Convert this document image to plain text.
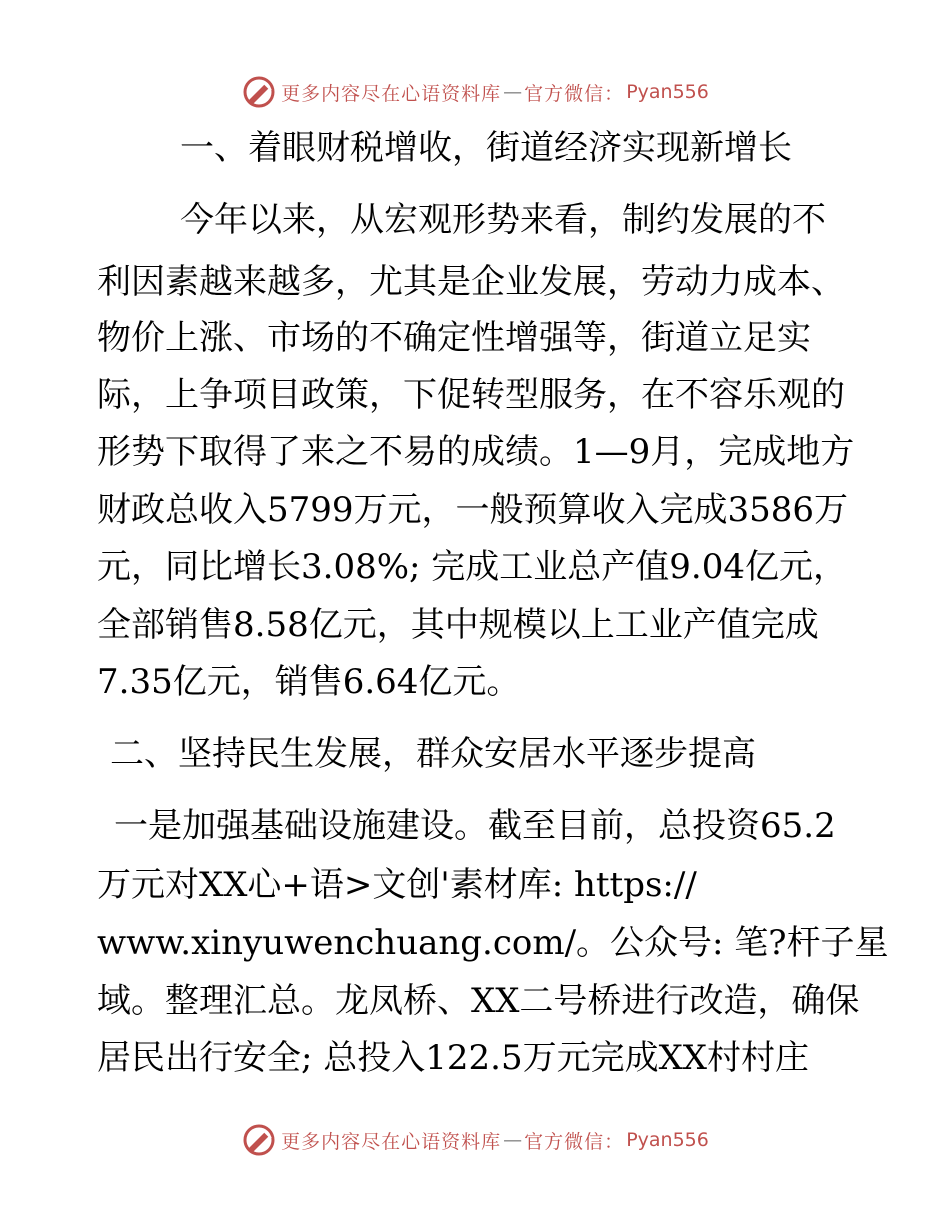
更多内容尽在心语资料库 — 官方微信： Pyan556
一、着眼财税增收，街道经济实现新增长
今年以来，从宏观形势来看，制约发展的不
利因素越来越多，尤其是企业发展，劳动力成本、
物价上涨、市场的不确定性增强等，街道立足实
际，上争项目政策，下促转型服务，在不容乐观的
形势下取得了来之不易的成绩。1—9月，完成地方
财政总收入5799万元，一般预算收入完成3586万
元，同比增长3.08%; 完成工业总产值9.04亿元，
全部销售8.58亿元，其中规模以上工业产值完成
7.35亿元，销售6.64亿元。
二、坚持民生发展，群众安居水平逐步提高
一是加强基础设施建设。截至目前，总投资65.2
万元对XX心+语>文创'素材库: https://
www.xinyuwenchuang.com/。公众号: 笔?杆子星
域。整理汇总。龙凤桥、XX二号桥进行改造，确保
居民出行安全; 总投入122.5万元完成XX村村庄
更多内容尽在心语资料库 — 官方微信： Pyan556
